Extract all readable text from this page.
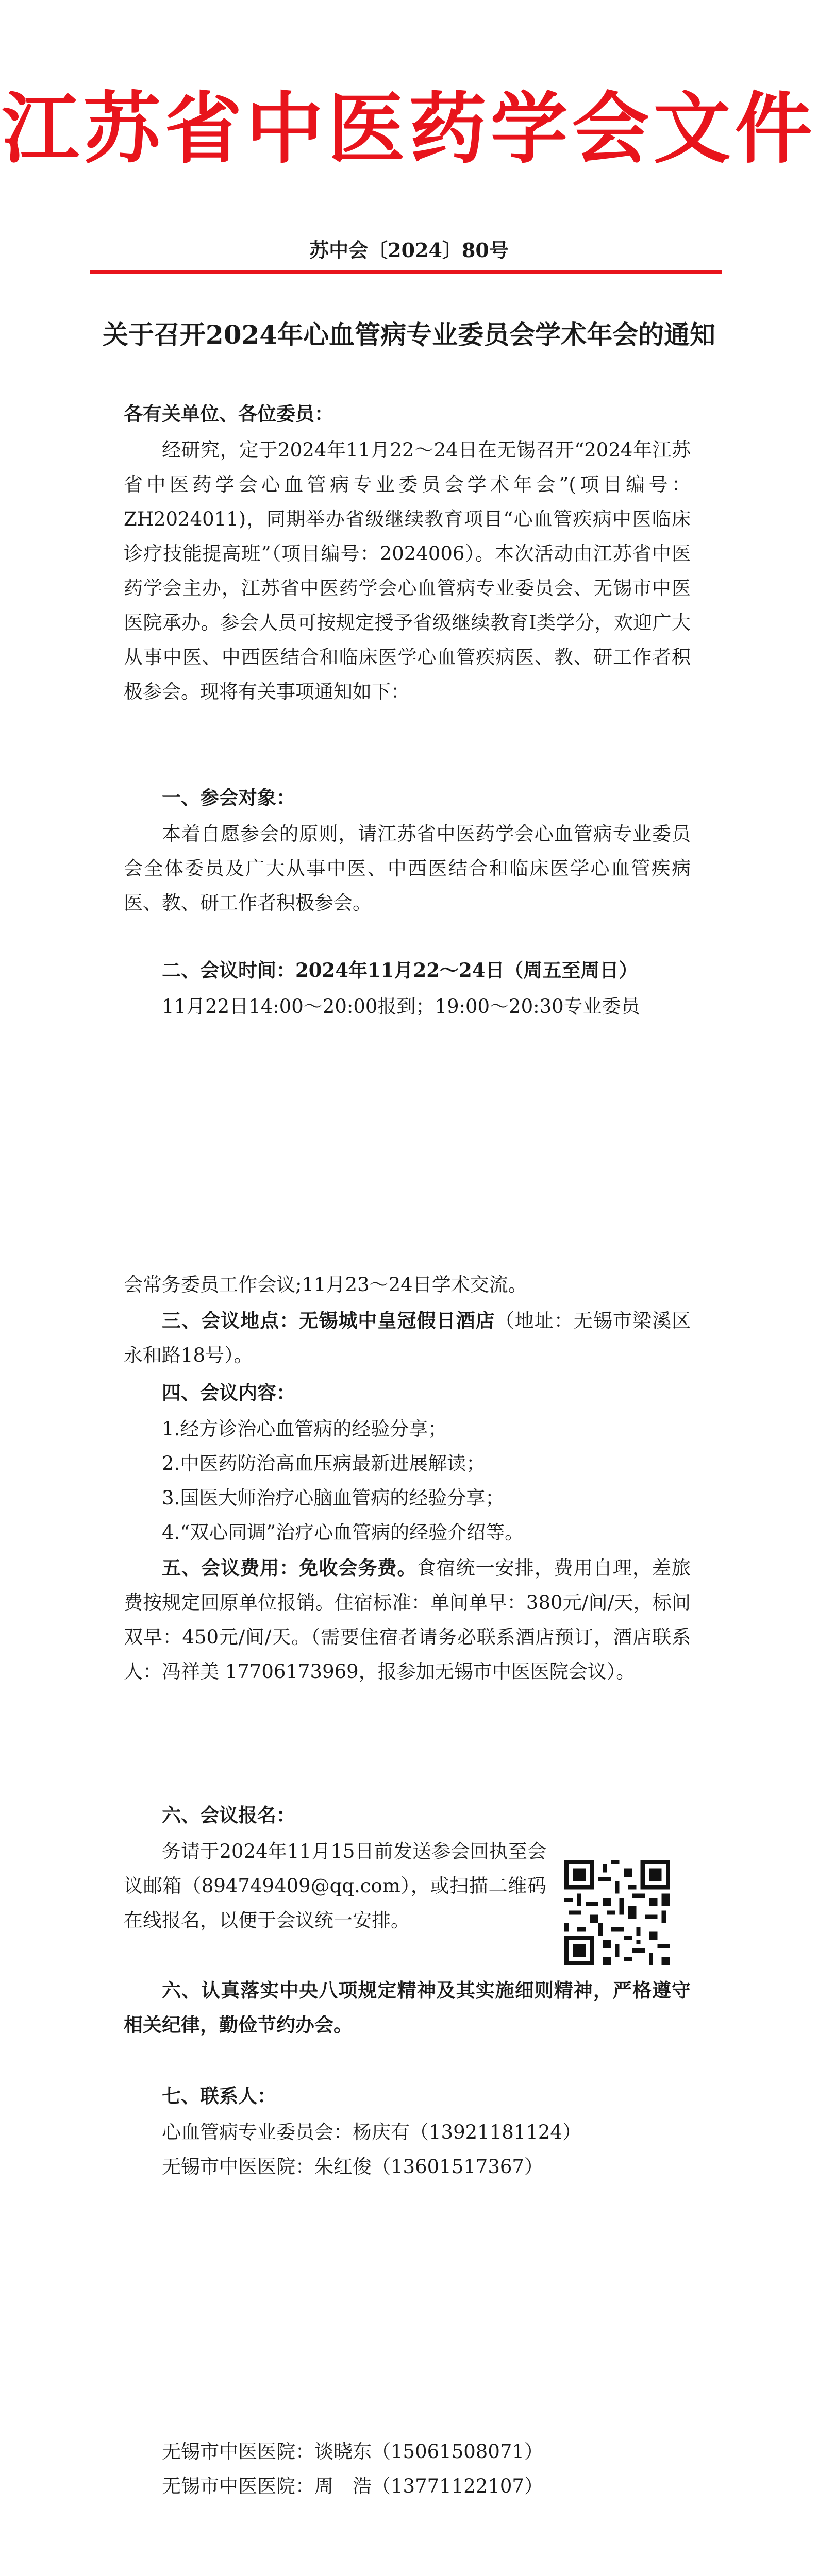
江苏省中医药学会文件
苏中会〔2024〕80号
关于召开2024年心血管病专业委员会学术年会的通知
各有关单位、各位委员：
经研究，定于2024年11月22～24日在无锡召开“2024年江苏省中医药学会心血管病专业委员会学术年会”(项目编号：ZH2024011)，同期举办省级继续教育项目“心血管疾病中医临床诊疗技能提高班”（项目编号：2024006）。本次活动由江苏省中医药学会主办，江苏省中医药学会心血管病专业委员会、无锡市中医医院承办。参会人员可按规定授予省级继续教育Ⅰ类学分，欢迎广大从事中医、中西医结合和临床医学心血管疾病医、教、研工作者积极参会。现将有关事项通知如下：
一、参会对象：
本着自愿参会的原则，请江苏省中医药学会心血管病专业委员会全体委员及广大从事中医、中西医结合和临床医学心血管疾病医、教、研工作者积极参会。
二、会议时间：2024年11月22～24日（周五至周日）
11月22日14:00～20:00报到；19:00～20:30专业委员
会常务委员工作会议;11月23～24日学术交流。
三、会议地点：无锡城中皇冠假日酒店（地址：无锡市梁溪区永和路18号）。
四、会议内容：

1.经方诊治心血管病的经验分享；

2.中医药防治高血压病最新进展解读；

3.国医大师治疗心脑血管病的经验分享；

4.“双心同调”治疗心血管病的经验介绍等。

五、会议费用：免收会务费。食宿统一安排，费用自理，差旅费按规定回原单位报销。住宿标准：单间单早：380元/间/天，标间双早：450元/间/天。（需要住宿者请务必联系酒店预订，酒店联系人：冯祥美 17706173969，报参加无锡市中医医院会议）。
六、会议报名：
务请于2024年11月15日前发送参会回执至会议邮箱（894749409@qq.com），或扫描二维码在线报名，以便于会议统一安排。
六、认真落实中央八项规定精神及其实施细则精神，严格遵守相关纪律，勤俭节约办会。
七、联系人：

心血管病专业委员会：杨庆有（13921181124）

无锡市中医医院：朱红俊（13601517367）

无锡市中医医院：谈晓东（15061508071）

无锡市中医医院：周　浩（13771122107）
